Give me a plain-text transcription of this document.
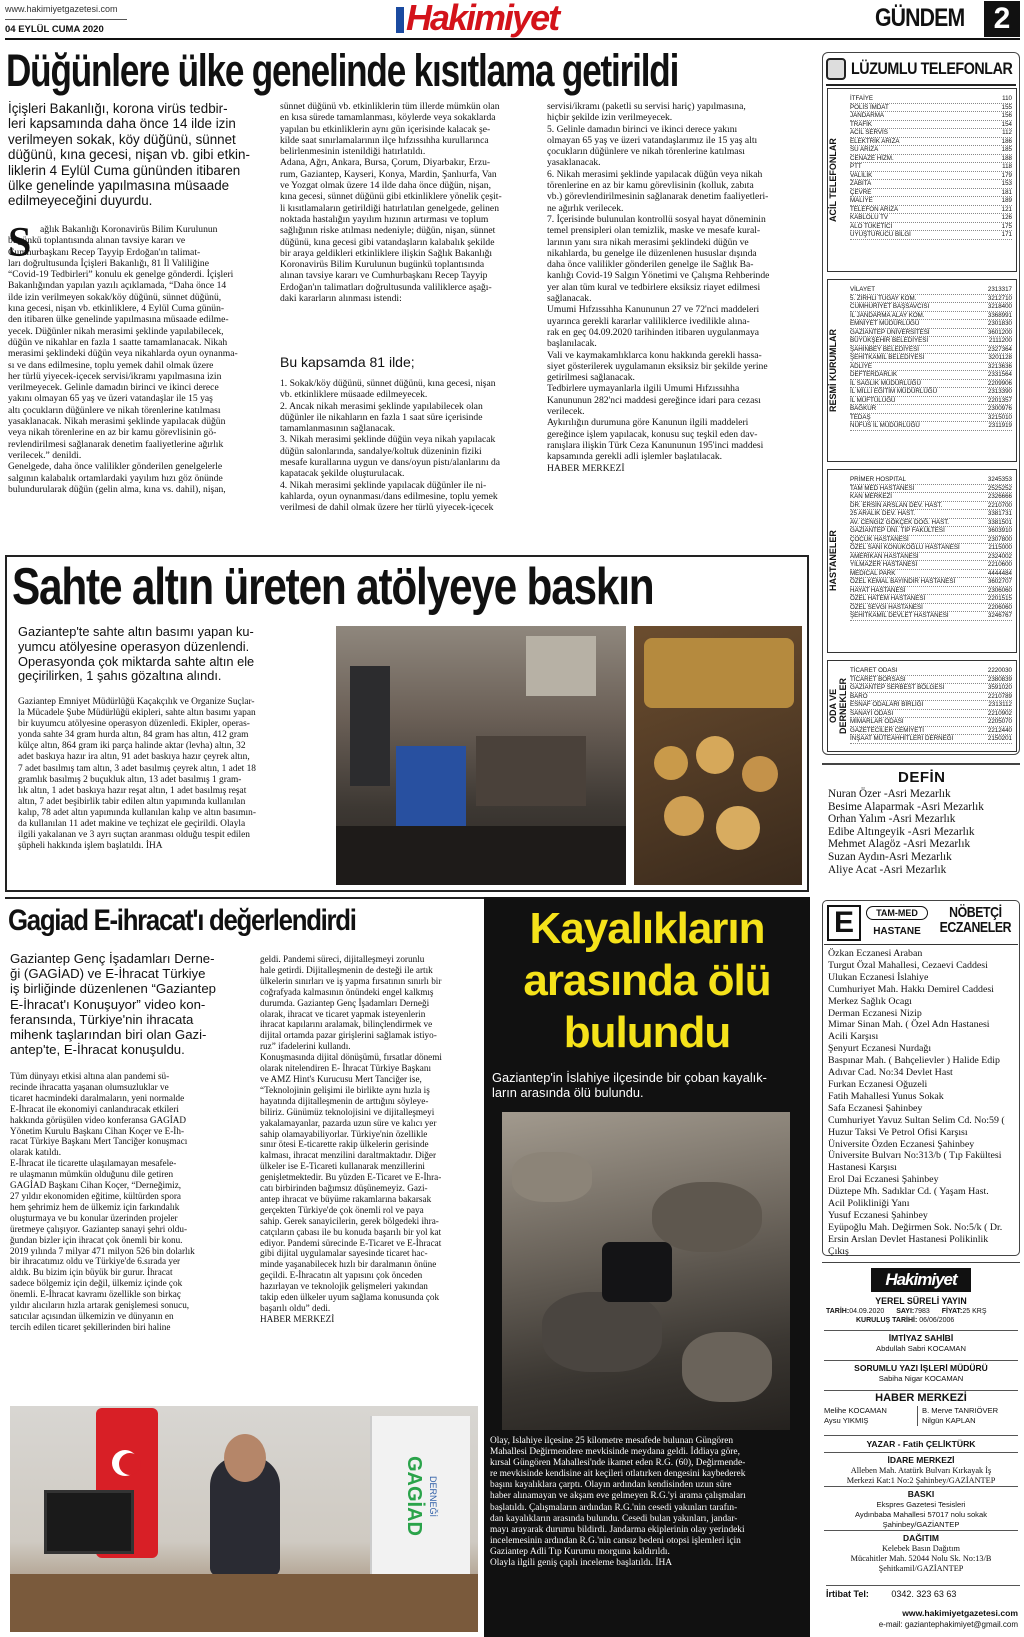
www.hakimiyetgazetesi.com
04 EYLÜL CUMA 2020	Hakimiyet	GÜNDEM 2
Düğünlere ülke genelinde kısıtlama getirildi
İçişleri Bakanlığı, korona virüs tedbir-
leri kapsamında daha önce 14 ilde izin
verilmeyen sokak, köy düğünü, sünnet
düğünü, kına gecesi, nişan vb. gibi etkin-
liklerin 4 Eylül Cuma gününden itibaren
ülke genelinde yapılmasına müsaade
edilmeyeceğini duyurdu.
S ağlık Bakanlığı Koronavirüs Bilim Kurulunun
bugünkü toplantısında alınan tavsiye kararı ve
Cumhurbaşkanı Recep Tayyip Erdoğan'ın talimat-
ları doğrultusunda İçişleri Bakanlığı, 81 İl Valiliğine
“Covid-19 Tedbirleri” konulu ek genelge gönderdi. İçişleri
Bakanlığından yapılan yazılı açıklamada, “Daha önce 14
ilde izin verilmeyen sokak/köy düğünü, sünnet düğünü,
kına gecesi, nişan vb. etkinliklere, 4 Eylül Cuma günün-
den itibaren ülke genelinde yapılmasına müsaade edilme-
yecek. Düğünler nikah merasimi şeklinde yapılabilecek,
düğün ve nikahlar en fazla 1 saatte tamamlanacak. Nikah
merasimi şeklindeki düğün veya nikahlarda oyun oynanma-
sı ve dans edilmesine, toplu yemek dahil olmak üzere
her türlü yiyecek-içecek servisi/ikramı yapılmasına izin
verilmeyecek. Gelinle damadın birinci ve ikinci derece
yakını olmayan 65 yaş ve üzeri vatandaşlar ile 15 yaş
altı çocukların düğünlere ve nikah törenlerine katılması
yasaklanacak. Nikah merasimi şeklinde yapılacak düğün
veya nikah törenlerine en az bir kamu görevlisinin gö-
revlendirilmesi sağlanarak denetim faaliyetlerine ağırlık
verilecek.” denildi.
Genelgede, daha önce valilikler gönderilen genelgelerle
salgının kalabalık ortamlardaki yayılım hızı göz önünde
bulundurularak düğün (gelin alma, kına vs. dahil), nişan,
sünnet düğünü vb. etkinliklerin tüm illerde mümkün olan
en kısa sürede tamamlanması, köylerde veya sokaklarda
yapılan bu etkinliklerin aynı gün içerisinde kalacak şe-
kilde saat sınırlamalarının ilçe hıfzıssıhha kurullarınca
belirlenmesinin istenildiği hatırlatıldı.
Adana, Ağrı, Ankara, Bursa, Çorum, Diyarbakır, Erzu-
rum, Gaziantep, Kayseri, Konya, Mardin, Şanlıurfa, Van
ve Yozgat olmak üzere 14 ilde daha önce düğün, nişan,
kına gecesi, sünnet düğünü gibi etkinliklere yönelik çeşit-
li kısıtlamaların getirildiği hatırlatılan genelgede, gelinen
noktada hastalığın yayılım hızının artırması ve toplum
sağlığının riske atılması nedeniyle; düğün, nişan, sünnet
düğünü, kına gecesi gibi vatandaşların kalabalık şekilde
bir araya geldikleri etkinliklere ilişkin Sağlık Bakanlığı
Koronavirüs Bilim Kurulunun bugünkü toplantısında
alınan tavsiye kararı ve Cumhurbaşkanı Recep Tayyip
Erdoğan'ın talimatları doğrultusunda valiliklerce aşağı-
daki kararların alınması istendi:
Bu kapsamda 81 ilde;
1. Sokak/köy düğünü, sünnet düğünü, kına gecesi, nişan
vb. etkinliklere müsaade edilmeyecek.
2. Ancak nikah merasimi şeklinde yapılabilecek olan
düğünler ile nikahların en fazla 1 saat süre içerisinde
tamamlanmasının sağlanacak.
3. Nikah merasimi şeklinde düğün veya nikah yapılacak
düğün salonlarında, sandalye/koltuk düzeninin fiziki
mesafe kurallarına uygun ve dans/oyun pistı/alanlarını da
kapatacak şekilde oluşturulacak.
4. Nikah merasimi şeklinde yapılacak düğünler ile ni-
kahlarda, oyun oynanması/dans edilmesine, toplu yemek
verilmesi de dahil olmak üzere her türlü yiyecek-içecek
servisi/ikramı (paketli su servisi hariç) yapılmasına,
hiçbir şekilde izin verilmeyecek.
5. Gelinle damadın birinci ve ikinci derece yakını
olmayan 65 yaş ve üzeri vatandaşlarımız ile 15 yaş altı
çocukların düğünlere ve nikah törenlerine katılması
yasaklanacak.
6. Nikah merasimi şeklinde yapılacak düğün veya nikah
törenlerine en az bir kamu görevlisinin (kolluk, zabıta
vb.) görevlendirilmesinin sağlanarak denetim faaliyetleri-
ne ağırlık verilecek.
7. İçerisinde bulunulan kontrollü sosyal hayat döneminin
temel prensipleri olan temizlik, maske ve mesafe kural-
larının yanı sıra nikah merasimi şeklindeki düğün ve
nikahlarda, bu genelge ile düzenlenen hususlar dışında
daha önce valilikler gönderilen genelge ile Sağlık Ba-
kanlığı Covid-19 Salgın Yönetimi ve Çalışma Rehberinde
yer alan tüm kural ve tedbirlere eksiksiz riayet edilmesi
sağlanacak.
Umumi Hıfzıssıhha Kanununun 27 ve 72'nci maddeleri
uyarınca gerekli kararlar valiliklerce ivedilikle alına-
rak en geç 04.09.2020 tarihinden itibaren uygulanmaya
başlanılacak.
Vali ve kaymakamlıklarca konu hakkında gerekli hassa-
siyet gösterilerek uygulamanın eksiksiz bir şekilde yerine
getirilmesi sağlanacak.
Tedbirlere uymayanlarla ilgili Umumi Hıfzıssıhha
Kanununun 282'nci maddesi gereğince idari para cezası
verilecek.
Aykırılığın durumuna göre Kanunun ilgili maddeleri
gereğince işlem yapılacak, konusu suç teşkil eden dav-
ranışlara ilişkin Türk Ceza Kanununun 195'inci maddesi
kapsamında gerekli adli işlemler başlatılacak.
HABER MERKEZİ
LÜZUMLU TELEFONLAR
ACİL TELEFONLAR
İTFAİYE	110
POLİS İMDAT	155
JANDARMA	156
TRAFİK	154
ACİL SERVİS	112
ELEKTRİK ARIZA	186
SU ARIZA	185
CENAZE HİZM.	188
PTT	118
VALİLİK	179
ZABITA	153
ÇEVRE	181
MALİYE	189
TELEFON ARIZA	121
KABLOLU TV	126
ALO TÜKETİCİ	175
UYUŞTURUCU BİLGİ	171
RESMİ KURUMLAR
VİLAYET	2313317
5. ZIRHLI TUGAY KOM.	3212710
CUMHURİYET BAŞSAVCISI	3218400
İL JANDARMA ALAY KOM.	3368991
EMNİYET MÜDÜRLÜĞÜ	2301830
GAZİANTEP ÜNİVERSİTESİ	3601200
BÜYÜKŞEHİR BELEDİYESİ	2111200
ŞAHİNBEY BELEDİYESİ	2327364
ŞEHİTKAMİL BELEDİYESİ	3201128
ADLİYE	3213636
DEFTERDARLIK	2331564
İL SAĞLIK MÜDÜRLÜĞÜ	2209906
İL MİLLİ EĞİTİM MÜDÜRLÜĞÜ	2313390
İL MÜFTÜLÜĞÜ	2201357
BAĞKUR	2300976
TEDAŞ	3215010
NÜFUS İL MÜDÜRLÜĞÜ	2311919
HASTANELER
PRİMER HOSPITAL	3245353
TAM MED HASTANESİ	2525252
KAN MERKEZİ	2326666
DR. ERSİN ARSLAN DEV. HAST.	2210700
25 ARALIK DEV. HAST.	3381731
AV. CENGİZ GÖKÇEK DOĞ. HAST.	3381501
GAZİANTEP ÜNİ. TIP FAKÜLTESİ	3603910
ÇOCUK HASTANESİ	2307800
ÖZEL SANİ KONUKOĞLU HASTANESİ	2115000
AMERİKAN HASTANESİ	2324002
YILMAZER HASTANESİ	2210600
MEDICAL PARK	4444484
ÖZEL KEMAL BAYINDIR HASTANESİ	3602707
HAYAT HASTANESİ	2306060
ÖZEL HATEM HASTANESİ	2201515
ÖZEL SEVGİ HASTANESİ	2206060
ŞEHİTKAMİL DEVLET HASTANESİ	3246767
ODA VE DERNEKLER
TİCARET ODASI	2220030
TİCARET BORSASI	2380839
GAZİANTEP SERBEST BÖLGESİ	3591020
BARO	2210789
ESNAF ODALARI BİRLİĞİ	2313112
SANAYİ ODASI	2210902
MİMARLAR ODASI	2205070
GAZETECİLER CEMİYETİ	2212440
İNŞAAT MÜTEAHHİTLERİ DERNEĞİ	2150201
DEFİN
Nuran Özer -Asri Mezarlık
Besime Alaparmak -Asri Mezarlık
Orhan Yalım -Asri Mezarlık
Edibe Altıngeyik -Asri Mezarlık
Mehmet Alagöz -Asri Mezarlık
Suzan Aydın-Asri Mezarlık
Aliye Acat -Asri Mezarlık
Sahte altın üreten atölyeye baskın
Gaziantep'te sahte altın basımı yapan ku-
yumcu atölyesine operasyon düzenlendi.
Operasyonda çok miktarda sahte altın ele
geçirilirken, 1 şahıs gözaltına alındı.
Gaziantep Emniyet Müdürlüğü Kaçakçılık ve Organize Suçlar-
la Mücadele Şube Müdürlüğü ekipleri, sahte altın basımı yapan
bir kuyumcu atölyesine operasyon düzenledi. Ekipler, operas-
yonda sahte 34 gram hurda altın, 84 gram has altın, 412 gram
külçe altın, 864 gram iki parça halinde aktar (levha) altın, 32
adet baskıya hazır ira altın, 91 adet baskıya hazır çeyrek altın,
7 adet basılmış tam altın, 3 adet basılmış çeyrek altın, 1 adet 18
gramlık basılmış 2 buçukluk altın, 13 adet basılmış 1 gram-
lık altın, 1 adet baskıya hazır reşat altın, 1 adet basılmış reşat
altın, 7 adet beşibirlik tabir edilen altın yapımında kullanılan
kalıp, 78 adet altın yapımında kullanılan kalıp ve altın basımın-
da kullanılan 11 adet makine ve teçhizat ele geçirildi. Olayla
ilgili yakalanan ve 3 ayrı suçtan aranması olduğu tespit edilen
şüpheli hakkında işlem başlatıldı. İHA
Gagiad E-ihracat'ı değerlendirdi
Gaziantep Genç İşadamları Derne-
ği (GAGİAD) ve E-İhracat Türkiye
iş birliğinde düzenlenen “Gaziantep
E-İhracat'ı Konuşuyor” video kon-
feransında, Türkiye'nin ihracata
mihenk taşlarından biri olan Gazi-
antep'te, E-İhracat konuşuldu.
Tüm dünyayı etkisi altına alan pandemi sü-
recinde ihracatta yaşanan olumsuzluklar ve
ticaret hacmindeki daralmaların, yeni normalde
E-İhracat ile ekonomiyi canlandıracak etkileri
hakkında görüşülen video konferansa GAGİAD
Yönetim Kurulu Başkanı Cihan Koçer ve E-İh-
racat Türkiye Başkanı Mert Tanciğer konuşmacı
olarak katıldı.
E-İhracat ile ticarette ulaşılamayan mesafele-
re ulaşmanın mümkün olduğunu dile getiren
GAGİAD Başkanı Cihan Koçer, “Derneğimiz,
27 yıldır ekonomiden eğitime, kültürden spora
hem şehrimiz hem de ülkemiz için farkındalık
oluşturmaya ve bu konular üzerinden projeler
üretmeye çalışıyor. Gaziantep sanayi şehri oldu-
ğundan bizler için ihracat çok önemli bir konu.
2019 yılında 7 milyar 471 milyon 526 bin dolarlık
bir ihracatımız oldu ve Türkiye'de 6.sırada yer
aldık. Bu bizim için büyük bir gurur. İhracat
sadece bölgemiz için değil, ülkemiz içinde çok
önemli. E-İhracat kavramı özellikle son birkaç
yıldır alıcıların hızla artarak genişlemesi sonucu,
satıcılar açısından ülkemizin ve dünyanın en
tercih edilen ticaret şekillerinden biri haline
geldi. Pandemi süreci, dijitalleşmeyi zorunlu
hale getirdi. Dijitalleşmenin de desteği ile artık
ülkelerin sınırları ve iş yapma fırsatının sınırlı bir
coğrafyada kalmasının önündeki engel kalkmış
durumda. Gaziantep Genç İşadamları Derneği
olarak, ihracat ve ticaret yapmak isteyenlerin
ihracat kapılarını aralamak, bilinçlendirmek ve
dijital ortamda pazar girişlerini sağlamak istiyo-
ruz” ifadelerini kullandı.
Konuşmasında dijital dönüşümü, fırsatlar dönemi
olarak nitelendiren E- İhracat Türkiye Başkanı
ve AMZ Hint's Kurucusu Mert Tanciğer ise,
“Teknolojinin gelişimi ile birlikte aynı hızla iş
hayatında dijitalleşmenin de arttığını söyleye-
biliriz. Günümüz teknolojisini ve dijitalleşmeyi
yakalamayanlar, pazarda uzun süre ve kalıcı yer
sahip olamayabiliyorlar. Türkiye'nin özellikle
sınır ötesi E-ticarette rakip ülkelerin gerisinde
kalması, ihracat menzilini daraltmaktadır. Diğer
ülkeler ise E-Ticareti kullanarak menzillerini
genişletmektedir. Bu yüzden E-Ticaret ve E-İhra-
catı birbirinden bağımsız düşünemeyiz. Gazi-
antep ihracat ve büyüme rakamlarına bakarsak
gerçekten Türkiye'de çok önemli rol ve paya
sahip. Gerek sanayicilerin, gerek bölgedeki ihra-
catçıların çabası ile bu konuda başarılı bir yol kat
ediyor. Pandemi sürecinde E-Ticaret ve E-İhracat
gibi dijital uygulamalar sayesinde ticaret hac-
minde yaşanabilecek hızlı bir daralmanın önüne
geçildi. E-İhracatın alt yapısını çok önceden
hazırlayan ve teknolojik gelişmeleri yakından
takip eden ülkeler uyum sağlama konusunda çok
başarılı oldu” dedi.
HABER MERKEZİ
GAGİAD DERNEĞİ
Kayalıkların arasında ölü bulundu
Gaziantep'in İslahiye ilçesinde bir çoban kayalık-
ların arasında ölü bulundu.
Olay, İslahiye ilçesine 25 kilometre mesafede bulunan Güngören
Mahallesi Değirmendere mevkisinde meydana geldi. İddiaya göre,
kırsal Güngören Mahallesi'nde ikamet eden R.G. (60), Değirmende-
re mevkisinde kendisine ait keçileri otlatırken dengesini kaybederek
başını kayalıklara çarptı. Olayın ardından kendisinden uzun süre
haber alınamayan ve akşam eve gelmeyen R.G.'yi arama çalışmaları
başlatıldı. Çalışmaların ardından R.G.'nin cesedi yakınları tarafın-
dan kayalıkların arasında bulundu. Cesedi bulan yakınları, jandar-
mayı arayarak durumu bildirdi. Jandarma ekiplerinin olay yerindeki
incelemesinin ardından R.G.'nin cansız bedeni otopsi işlemleri için
Gaziantep Adli Tıp Kurumu morguna kaldırıldı.
Olayla ilgili geniş çaplı inceleme başlatıldı. İHA
E	TAM-MED
HASTANE
NÖBETÇİ
ECZANELER
Özkan Eczanesi Araban
Turgut Özal Mahallesi, Cezaevi Caddesi
Ulukan Eczanesi İslahiye
Cumhuriyet Mah. Hakkı Demirel Caddesi
Merkez Sağlık Ocagı
Derman Eczanesi Nizip
Mimar Sinan Mah. ( Özel Adn Hastanesi
Acili Karşısı
Şenyurt Eczanesi Nurdağı
Baspınar Mah. ( Bahçelievler ) Halide Edip
Adıvar Cad. No:34 Devlet Hast
Furkan Eczanesi Oğuzeli
Fatih Mahallesi Yunus Sokak
Safa Eczanesi Şahinbey
Cumhuriyet Yavuz Sultan Selim Cd. No:59 (
Huzur Taksi Ve Petrol Ofisi Karşısı
Üniversite Özden Eczanesi Şahinbey
Üniversite Bulvarı No:313/b ( Tıp Fakültesi
Hastanesi Karşısı
Erol Dai Eczanesi Şahinbey
Düztepe Mh. Sadıklar Cd. ( Yaşam Hast.
Acil Polikliniği Yanı
Yusuf Eczanesi Şahinbey
Eyüpoğlu Mah. Değirmen Sok. No:5/k ( Dr.
Ersin Arslan Devlet Hastanesi Polikinlik
Çıkış
Hakimiyet
YEREL SÜRELİ YAYIN
TARİH:04.09.2020 SAYI:7983 FİYAT:25 KRŞ
KURULUŞ TARİHİ: 06/06/2006
İMTİYAZ SAHİBİ
Abdullah Sabri KOCAMAN
SORUMLU YAZI İŞLERİ MÜDÜRÜ
Sabiha Nigar KOCAMAN
HABER MERKEZİ
Melihe KOCAMAN
Aysu YIKMIŞ
B. Merve TANRIÖVER
Nilgün KAPLAN
YAZAR - Fatih ÇELİKTÜRK
İDARE MERKEZİ
Alleben Mah. Atatürk Bulvarı Kırkayak İş
Merkezi Kat:1 No:2 Şahinbey/GAZİANTEP
BASKI
Ekspres Gazetesi Tesisleri
Aydınbaba Mahallesi 57017 nolu sokak
Şahinbey/GAZİANTEP
DAĞITIM
Kelebek Basın Dağıtım
Mücahitler Mah. 52044 Nolu Sk. No:13/B
Şehitkamil/GAZİANTEP
İrtibat Tel:	0342. 323 63 63
www.hakimiyetgazetesi.com
e-mail: gaziantephakimiyet@gmail.com
